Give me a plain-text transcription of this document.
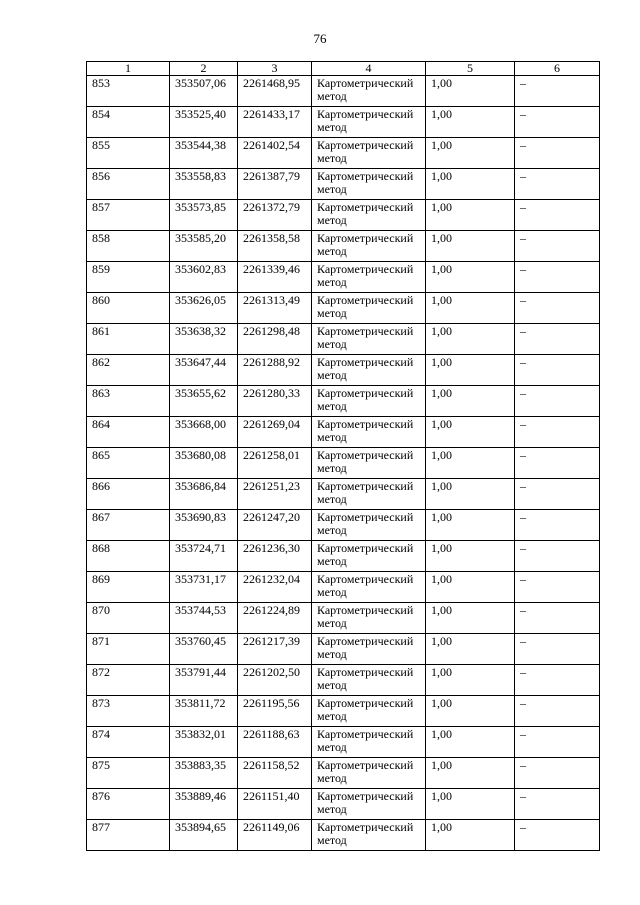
76
1	2	3	4	5	6
853	353507,06	2261468,95	Картометрический метод	1,00	–
854	353525,40	2261433,17	Картометрический метод	1,00	–
855	353544,38	2261402,54	Картометрический метод	1,00	–
856	353558,83	2261387,79	Картометрический метод	1,00	–
857	353573,85	2261372,79	Картометрический метод	1,00	–
858	353585,20	2261358,58	Картометрический метод	1,00	–
859	353602,83	2261339,46	Картометрический метод	1,00	–
860	353626,05	2261313,49	Картометрический метод	1,00	–
861	353638,32	2261298,48	Картометрический метод	1,00	–
862	353647,44	2261288,92	Картометрический метод	1,00	–
863	353655,62	2261280,33	Картометрический метод	1,00	–
864	353668,00	2261269,04	Картометрический метод	1,00	–
865	353680,08	2261258,01	Картометрический метод	1,00	–
866	353686,84	2261251,23	Картометрический метод	1,00	–
867	353690,83	2261247,20	Картометрический метод	1,00	–
868	353724,71	2261236,30	Картометрический метод	1,00	–
869	353731,17	2261232,04	Картометрический метод	1,00	–
870	353744,53	2261224,89	Картометрический метод	1,00	–
871	353760,45	2261217,39	Картометрический метод	1,00	–
872	353791,44	2261202,50	Картометрический метод	1,00	–
873	353811,72	2261195,56	Картометрический метод	1,00	–
874	353832,01	2261188,63	Картометрический метод	1,00	–
875	353883,35	2261158,52	Картометрический метод	1,00	–
876	353889,46	2261151,40	Картометрический метод	1,00	–
877	353894,65	2261149,06	Картометрический метод	1,00	–
